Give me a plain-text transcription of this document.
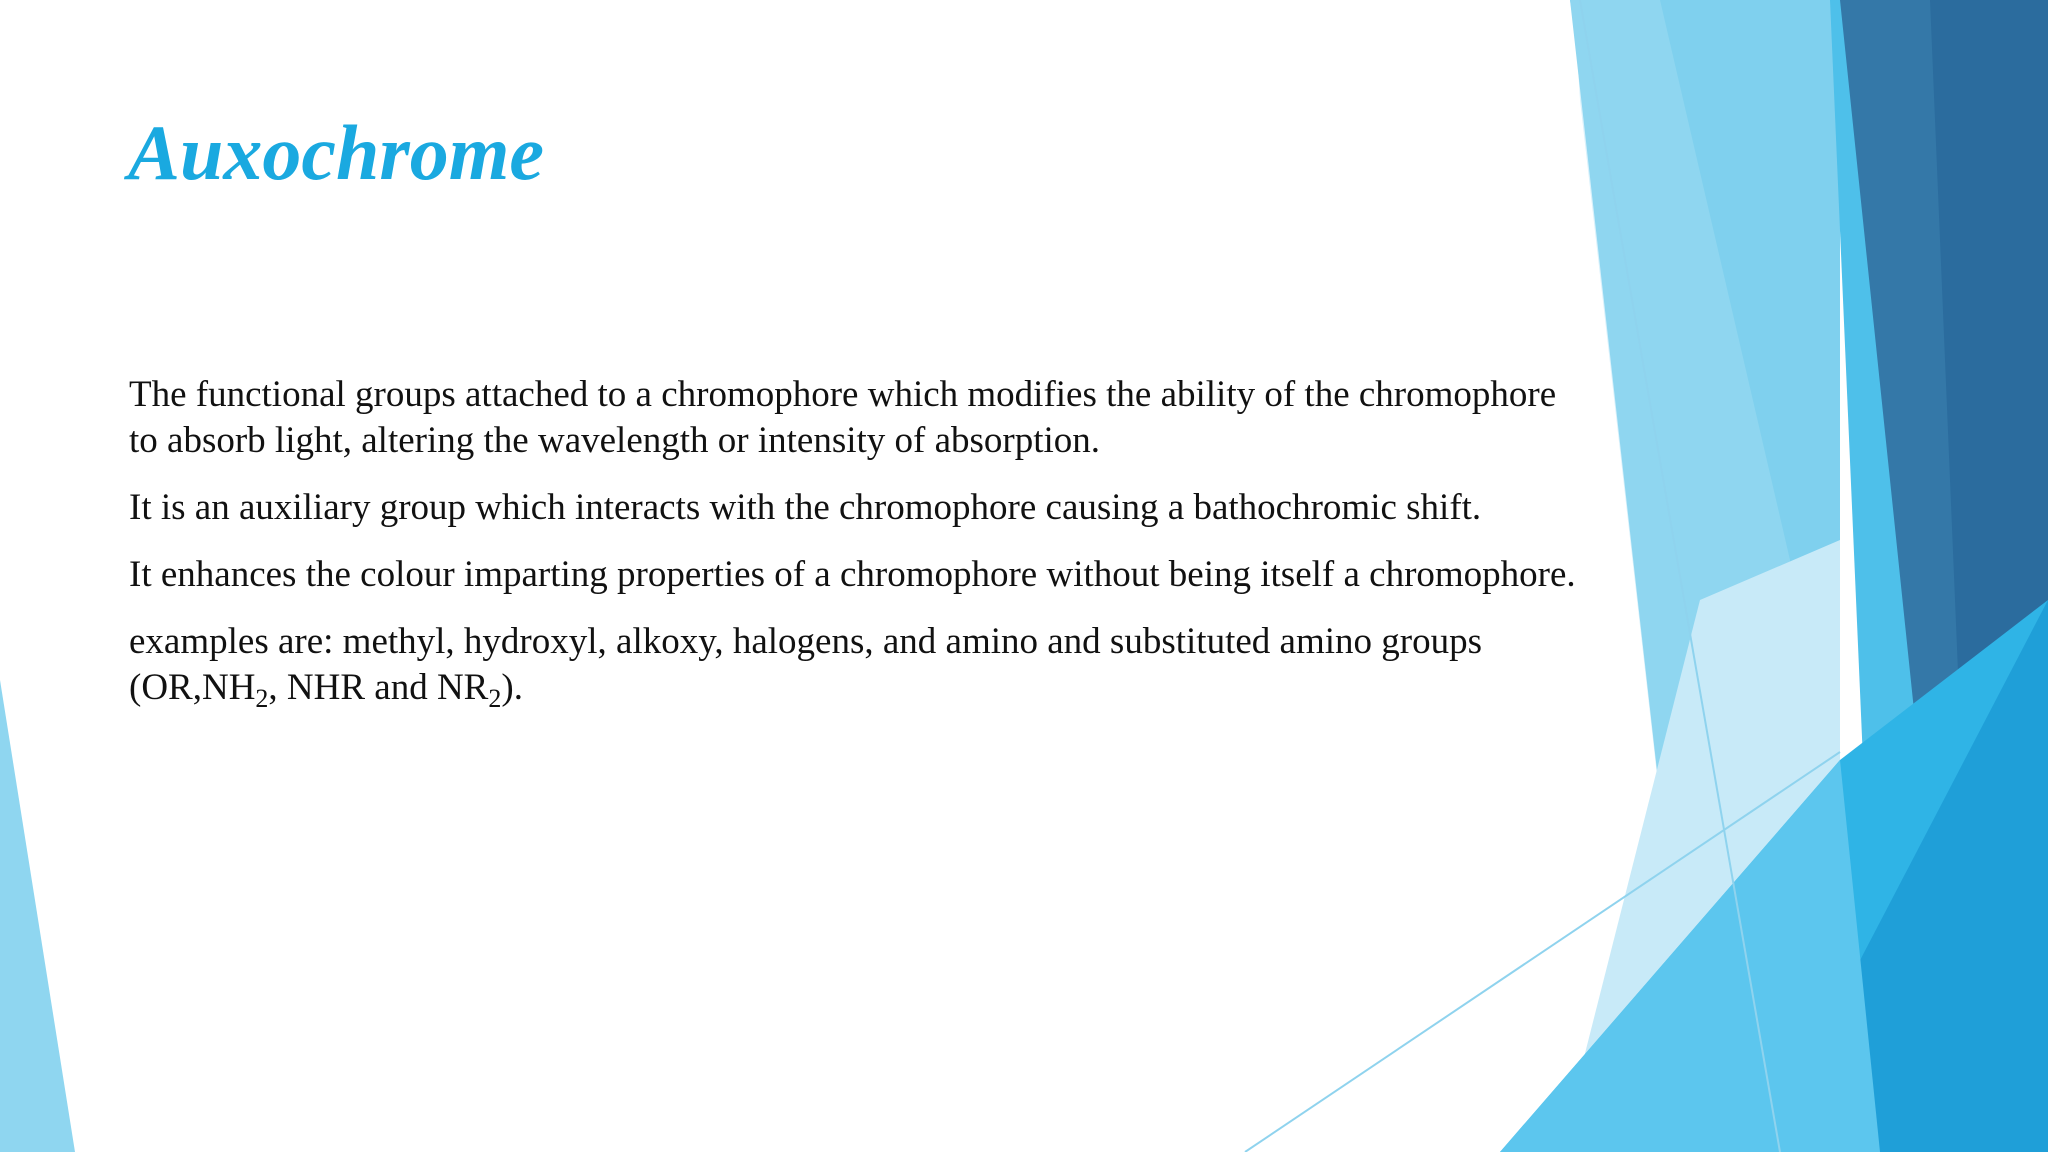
Auxochrome

The functional groups attached to a chromophore which modifies the ability of the chromophore to absorb light, altering the wavelength or intensity of absorption.

It is an auxiliary group which interacts with the chromophore causing a bathochromic shift.

It enhances the colour imparting properties of a chromophore without being itself a chromophore.

examples are: methyl, hydroxyl, alkoxy, halogens, and amino and substituted amino groups ($OR,NH_2$, NHR and $NR_2$).
